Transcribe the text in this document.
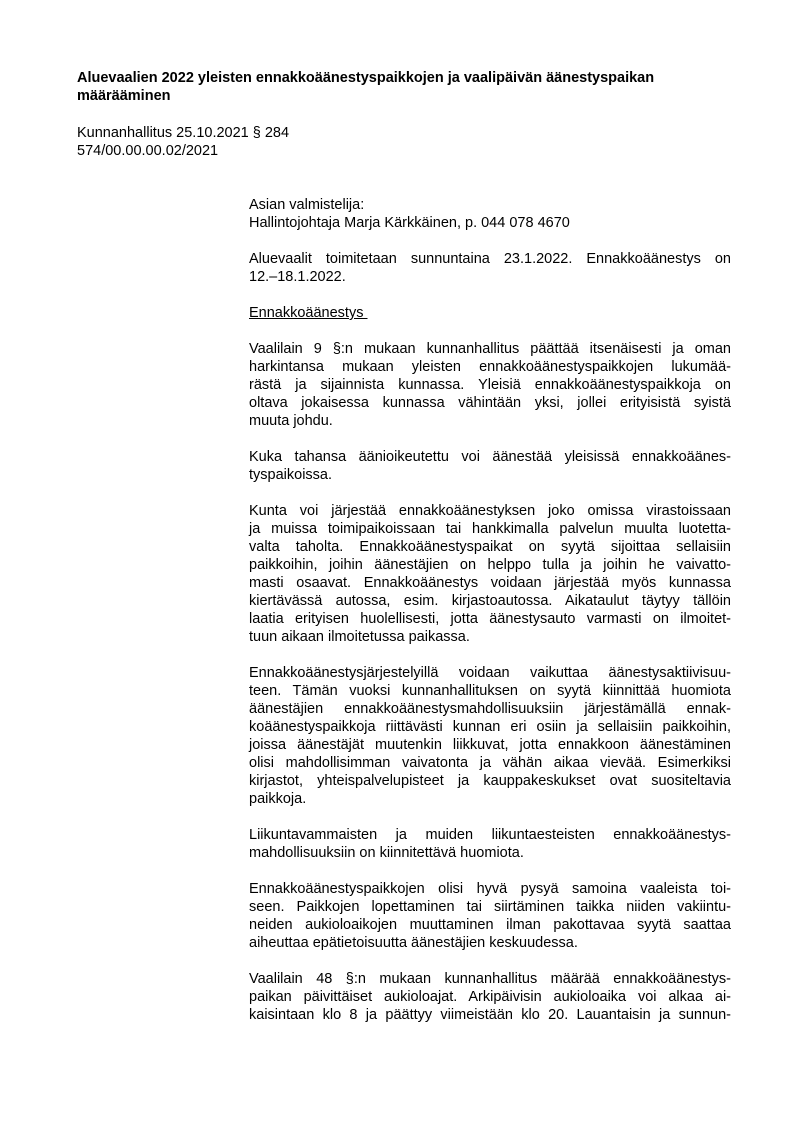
Aluevaalien 2022 yleisten ennakkoäänestyspaikkojen ja vaalipäivän äänestyspaikan
määrääminen
Kunnanhallitus 25.10.2021 § 284
574/00.00.00.02/2021

Asian valmistelija:
Hallintojohtaja Marja Kärkkäinen, p. 044 078 4670

Aluevaalit toimitetaan sunnuntaina 23.1.2022. Ennakkoäänestys on
12.–18.1.2022.

Ennakkoäänestys

Vaalilain 9 §:n mukaan kunnanhallitus päättää itsenäisesti ja oman
harkintansa mukaan yleisten ennakkoäänestyspaikkojen lukumää-
rästä ja sijainnista kunnassa. Yleisiä ennakkoäänestyspaikkoja on
oltava jokaisessa kunnassa vähintään yksi, jollei erityisistä syistä
muuta johdu.

Kuka tahansa äänioikeutettu voi äänestää yleisissä ennakkoäänes-
tyspaikoissa.

Kunta voi järjestää ennakkoäänestyksen joko omissa virastoissaan
ja muissa toimipaikoissaan tai hankkimalla palvelun muulta luotetta-
valta taholta. Ennakkoäänestyspaikat on syytä sijoittaa sellaisiin
paikkoihin, joihin äänestäjien on helppo tulla ja joihin he vaivatto-
masti osaavat. Ennakkoäänestys voidaan järjestää myös kunnassa
kiertävässä autossa, esim. kirjastoautossa. Aikataulut täytyy tällöin
laatia erityisen huolellisesti, jotta äänestysauto varmasti on ilmoitet-
tuun aikaan ilmoitetussa paikassa.

Ennakkoäänestysjärjestelyillä voidaan vaikuttaa äänestysaktiivisuu-
teen. Tämän vuoksi kunnanhallituksen on syytä kiinnittää huomiota
äänestäjien ennakkoäänestysmahdollisuuksiin järjestämällä ennak-
koäänestyspaikkoja riittävästi kunnan eri osiin ja sellaisiin paikkoihin,
joissa äänestäjät muutenkin liikkuvat, jotta ennakkoon äänestäminen
olisi mahdollisimman vaivatonta ja vähän aikaa vievää. Esimerkiksi
kirjastot, yhteispalvelupisteet ja kauppakeskukset ovat suositeltavia
paikkoja.

Liikuntavammaisten ja muiden liikuntaesteisten ennakkoäänestys-
mahdollisuuksiin on kiinnitettävä huomiota.

Ennakkoäänestyspaikkojen olisi hyvä pysyä samoina vaaleista toi-
seen. Paikkojen lopettaminen tai siirtäminen taikka niiden vakiintu-
neiden aukioloaikojen muuttaminen ilman pakottavaa syytä saattaa
aiheuttaa epätietoisuutta äänestäjien keskuudessa.

Vaalilain 48 §:n mukaan kunnanhallitus määrää ennakkoäänestys-
paikan päivittäiset aukioloajat. Arkipäivisin aukioloaika voi alkaa ai-
kaisintaan klo 8 ja päättyy viimeistään klo 20. Lauantaisin ja sunnun-
